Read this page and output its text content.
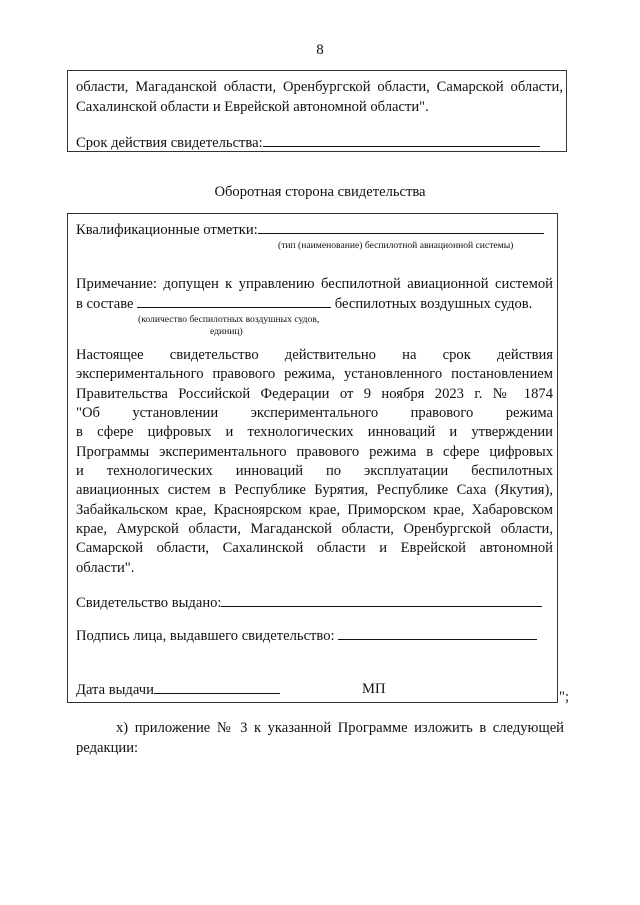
8
области, Магаданской области, Оренбургской области, Самарской области,
Сахалинской области и Еврейской автономной области".
Срок действия свидетельства:
Оборотная сторона свидетельства
Квалификационные отметки:
(тип (наименование) беспилотной авиационной системы)
Примечание: допущен к управлению беспилотной авиационной системой
в составе	беспилотных воздушных судов.
(количество беспилотных воздушных судов,
единиц)
Настоящее свидетельство действительно на срок действия
экспериментального правового режима, установленного постановлением
Правительства Российской Федерации от 9 ноября 2023 г. № 1874
"Об установлении экспериментального правового режима
в сфере цифровых и технологических инноваций и утверждении
Программы экспериментального правового режима в сфере цифровых
и технологических инноваций по эксплуатации беспилотных
авиационных систем в Республике Бурятия, Республике Саха (Якутия),
Забайкальском крае, Красноярском крае, Приморском крае, Хабаровском
крае, Амурской области, Магаданской области, Оренбургской области,
Самарской области, Сахалинской области и Еврейской автономной
области".
Свидетельство выдано:
Подпись лица, выдавшего свидетельство:
Дата выдачи	МП	";
х) приложение № 3 к указанной Программе изложить в следующей
редакции:
